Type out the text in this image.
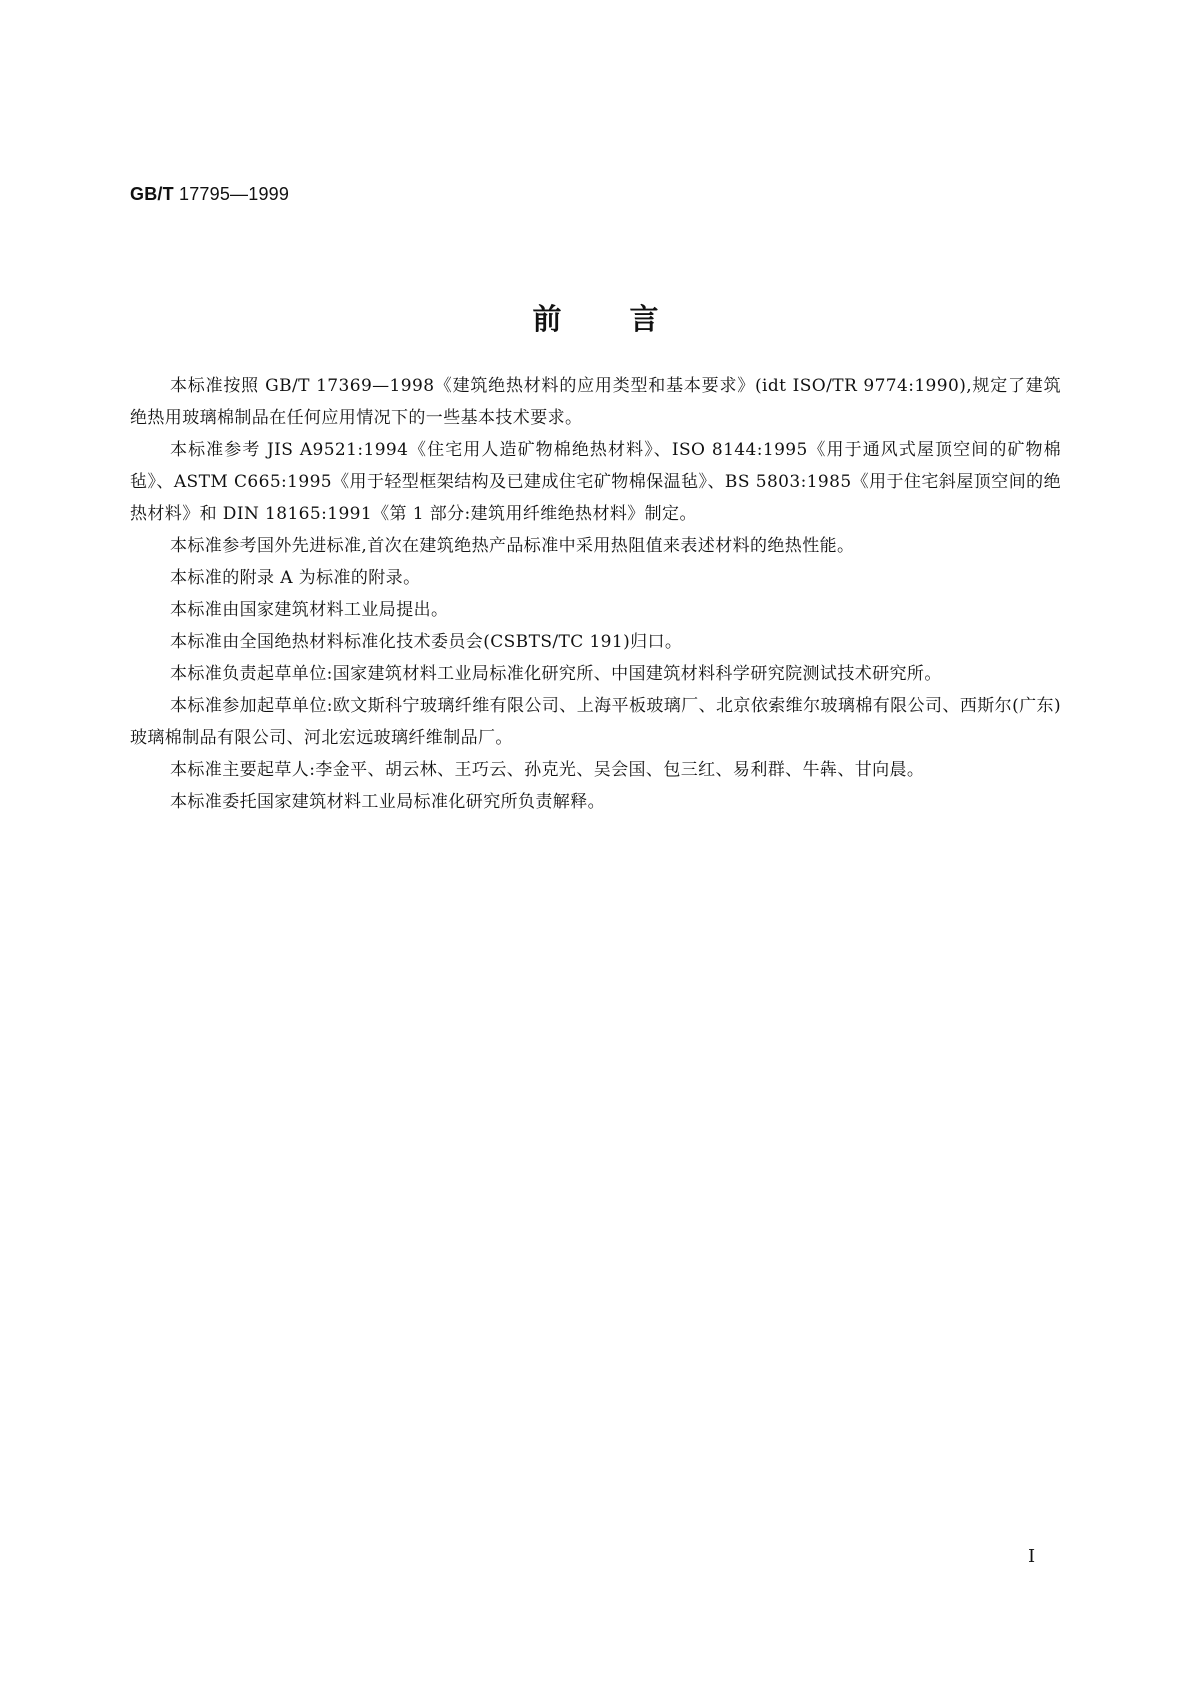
GB/T 17795—1999
前言

本标准按照 GB/T 17369—1998《建筑绝热材料的应用类型和基本要求》(idt ISO/TR 9774:1990),规定了建筑绝热用玻璃棉制品在任何应用情况下的一些基本技术要求。

本标准参考 JIS A9521:1994《住宅用人造矿物棉绝热材料》、ISO 8144:1995《用于通风式屋顶空间的矿物棉毡》、ASTM C665:1995《用于轻型框架结构及已建成住宅矿物棉保温毡》、BS 5803:1985《用于住宅斜屋顶空间的绝热材料》和 DIN 18165:1991《第 1 部分:建筑用纤维绝热材料》制定。

本标准参考国外先进标准,首次在建筑绝热产品标准中采用热阻值来表述材料的绝热性能。

本标准的附录 A 为标准的附录。

本标准由国家建筑材料工业局提出。

本标准由全国绝热材料标准化技术委员会(CSBTS/TC 191)归口。

本标准负责起草单位:国家建筑材料工业局标准化研究所、中国建筑材料科学研究院测试技术研究所。

本标准参加起草单位:欧文斯科宁玻璃纤维有限公司、上海平板玻璃厂、北京依索维尔玻璃棉有限公司、西斯尔(广东)玻璃棉制品有限公司、河北宏远玻璃纤维制品厂。

本标准主要起草人:李金平、胡云林、王巧云、孙克光、吴会国、包三红、易利群、牛犇、甘向晨。

本标准委托国家建筑材料工业局标准化研究所负责解释。

I
